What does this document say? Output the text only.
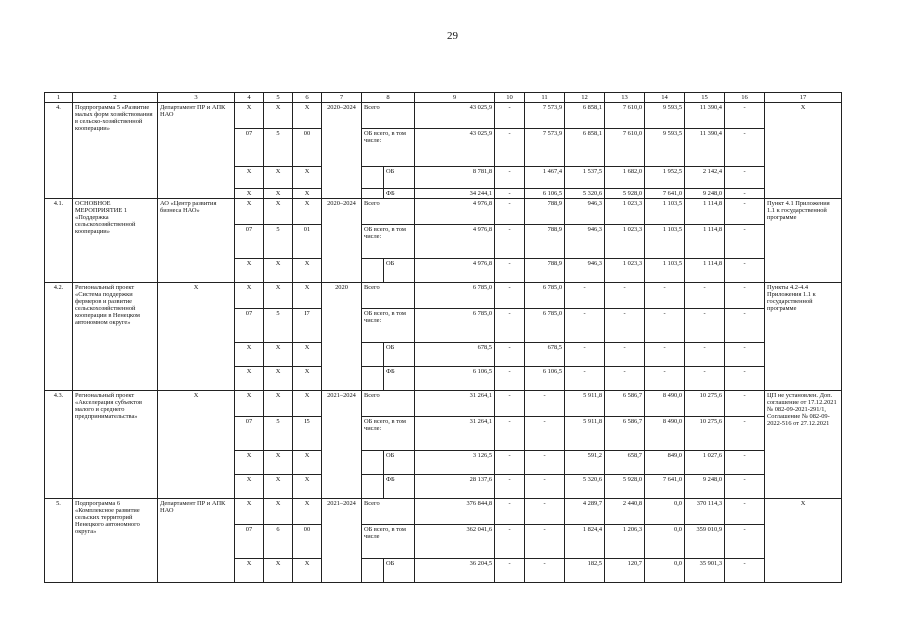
29
1	2	3	4	5	6	7	8		9	10	11	12	13	14	15	16	17
4.	Подпрограмма 5 «Развитие малых форм хозяйствования в сельско-хозяйственной кооперации»	Департамент ПР и АПК НАО	Х	Х	Х	2020–2024	Всего		43 025,9	-	7 573,9	6 858,1	7 610,0	9 593,5	11 390,4	-	Х
			07	5	00		ОБ всего, в том числе:		43 025,9	-	7 573,9	6 858,1	7 610,0	9 593,5	11 390,4	-	
			Х	Х	Х			ОБ	8 781,8	-	1 467,4	1 537,5	1 682,0	1 952,5	2 142,4	-	
			Х	Х	Х			ФБ	34 244,1	-	6 106,5	5 320,6	5 928,0	7 641,0	9 248,0	-	
4.1.	ОСНОВНОЕ МЕРОПРИЯТИЕ 1 «Поддержка сельскохозяйственной кооперации»	АО «Центр развития бизнеса НАО»	Х	Х	Х	2020–2024	Всего		4 976,8	-	788,9	946,3	1 023,3	1 103,5	1 114,8	-	Пункт 4.1 Приложения 1.1 к государственной программе
			07	5	01		ОБ всего, в том числе:		4 976,8	-	788,9	946,3	1 023,3	1 103,5	1 114,8	-	
			Х	Х	Х			ОБ	4 976,8	-	788,9	946,3	1 023,3	1 103,5	1 114,8	-	
4.2.	Региональный проект «Система поддержки фермеров и развитие сельскохозяйственной кооперации в Ненецком автономном округе»	Х	Х	Х	Х	2020	Всего		6 785,0	-	6 785,0	-	-	-	-	-	Пункты 4.2-4.4 Приложения 1.1 к государственной программе
			07	5	I7		ОБ всего, в том числе:		6 785,0	-	6 785,0	-	-	-	-	-	
			Х	Х	Х			ОБ	678,5	-	678,5	-	-	-	-	-	
			Х	Х	Х			ФБ	6 106,5	-	6 106,5	-	-	-	-	-	
4.3.	Региональный проект «Акселерация субъектов малого и среднего предпринимательства»	Х	Х	Х	Х	2021–2024	Всего		31 264,1	-	-	5 911,8	6 586,7	8 490,0	10 275,6	-	ЦП не установлен. Доп. соглашение от 17.12.2021 № 082-09-2021-291/1, Соглашение № 082-09-2022-516 от 27.12.2021
			07	5	I5		ОБ всего, в том числе:		31 264,1	-	-	5 911,8	6 586,7	8 490,0	10 275,6	-	
			Х	Х	Х			ОБ	3 126,5	-	-	591,2	658,7	849,0	1 027,6	-	
			Х	Х	Х			ФБ	28 137,6	-	-	5 320,6	5 928,0	7 641,0	9 248,0	-	
5.	Подпрограмма 6 «Комплексное развитие сельских территорий Ненецкого автономного округа»	Департамент ПР и АПК НАО	Х	Х	Х	2021–2024	Всего		376 844,8	-	-	4 289,7	2 440,8	0,0	370 114,3	-	Х
			07	6	00		ОБ всего, в том числе		362 041,6	-	-	1 824,4	1 206,3	0,0	359 010,9	-	
			Х	Х	Х			ОБ	36 204,5	-	-	182,5	120,7	0,0	35 901,3	-	
